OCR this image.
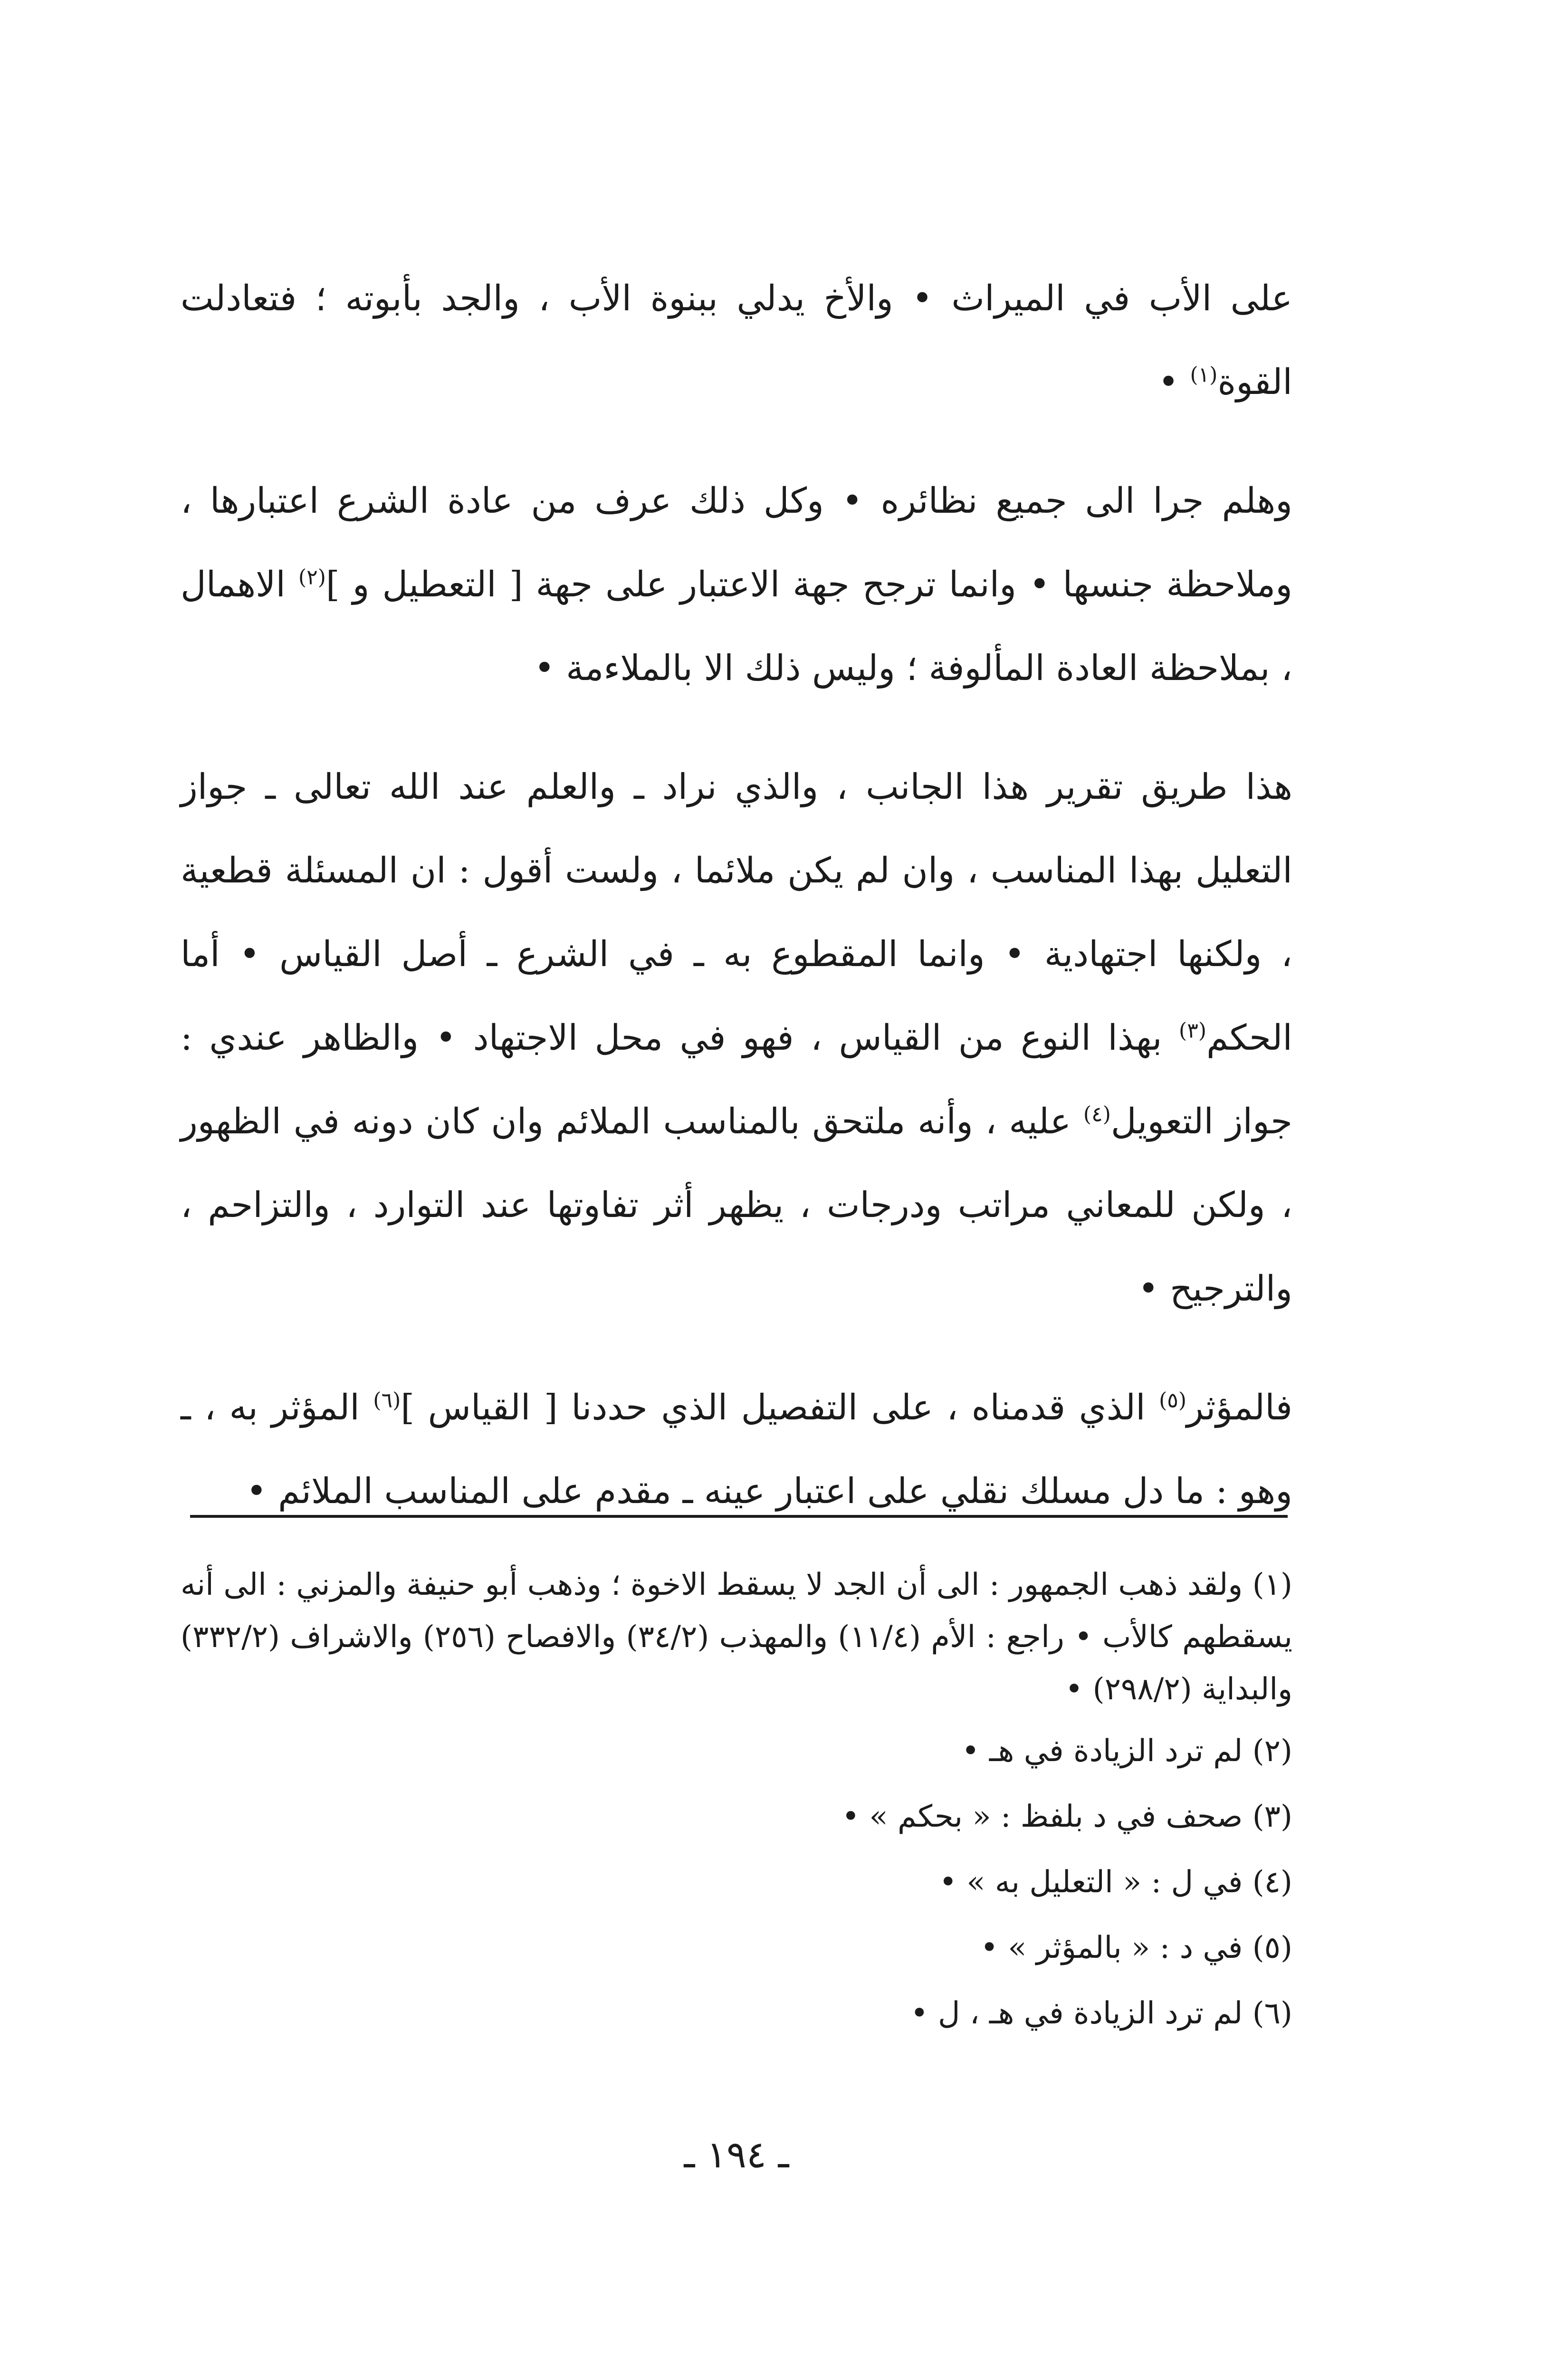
على الأب في الميراث • والأخ يدلي ببنوة الأب ، والجد بأبوته ؛ فتعادلت القوة$^{(١)}$ •

وهلم جرا الى جميع نظائره • وكل ذلك عرف من عادة الشرع اعتبارها ، وملاحظة جنسها • وانما ترجح جهة الاعتبار على جهة [ التعطيل و ]$^{(٢)}$ الاهمال ، بملاحظة العادة المألوفة ؛ وليس ذلك الا بالملاءمة •

هذا طريق تقرير هذا الجانب ، والذي نراد ـ والعلم عند الله تعالى ـ جواز التعليل بهذا المناسب ، وان لم يكن ملائما ، ولست أقول : ان المسئلة قطعية ، ولكنها اجتهادية • وانما المقطوع به ـ في الشرع ـ أصل القياس • أما الحكم$^{(٣)}$ بهذا النوع من القياس ، فهو في محل الاجتهاد • والظاهر عندي : جواز التعويل$^{(٤)}$ عليه ، وأنه ملتحق بالمناسب الملائم وان كان دونه في الظهور ، ولكن للمعاني مراتب ودرجات ، يظهر أثر تفاوتها عند التوارد ، والتزاحم ، والترجيح •

فالمؤثر$^{(٥)}$ الذي قدمناه ، على التفصيل الذي حددنا [ القياس ]$^{(٦)}$ المؤثر به ، ـ وهو : ما دل مسلك نقلي على اعتبار عينه ـ مقدم على المناسب الملائم •

(١) ولقد ذهب الجمهور : الى أن الجد لا يسقط الاخوة ؛ وذهب أبو حنيفة والمزني : الى أنه يسقطهم كالأب • راجع : الأم (١١/٤) والمهذب (٣٤/٢) والافصاح (٢٥٦) والاشراف (٣٣٢/٢) والبداية (٢٩٨/٢) •

(٢) لم ترد الزيادة في هـ •

(٣) صحف في د بلفظ : « بحكم » •

(٤) في ل : « التعليل به » •

(٥) في د : « بالمؤثر » •

(٦) لم ترد الزيادة في هـ ، ل •

ـ ١٩٤ ـ
